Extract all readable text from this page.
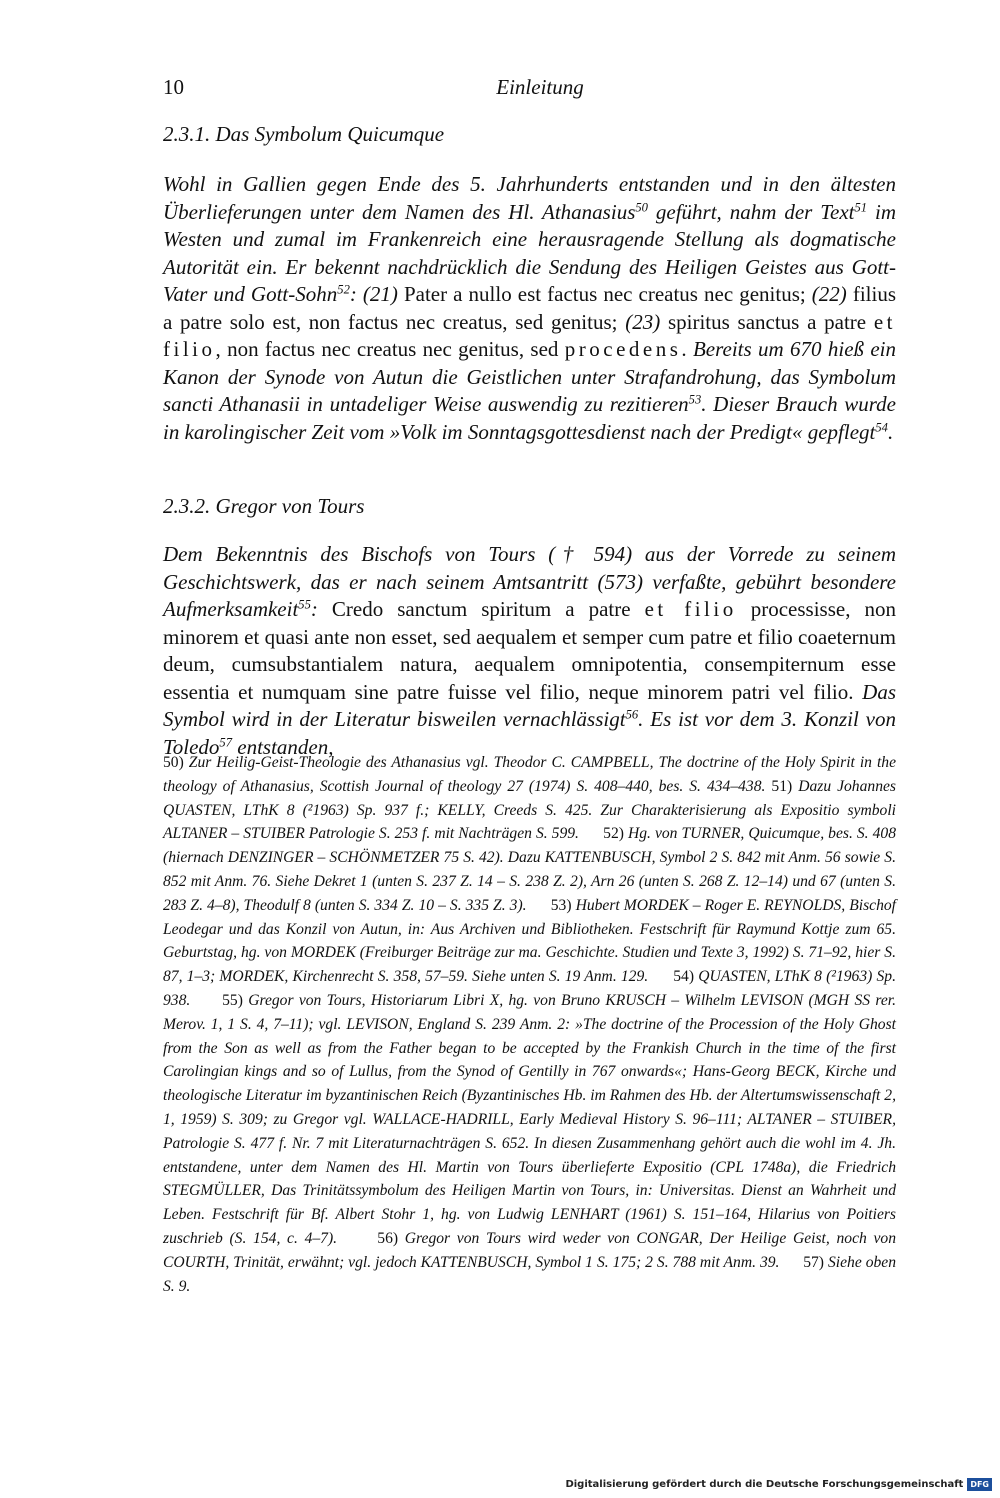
10	Einleitung
2.3.1. Das Symbolum Quicumque
Wohl in Gallien gegen Ende des 5. Jahrhunderts entstanden und in den ältesten Überlieferungen unter dem Namen des Hl. Athanasius$^{50}$ geführt, nahm der Text$^{51}$ im Westen und zumal im Frankenreich eine herausragende Stellung als dogmatische Autorität ein. Er bekennt nachdrücklich die Sendung des Heiligen Geistes aus Gott-Vater und Gott-Sohn$^{52}$: (21) Pater a nullo est factus nec creatus nec genitus; (22) filius a patre solo est, non factus nec creatus, sed genitus; (23) spiritus sanctus a patre et filio, non factus nec creatus nec genitus, sed procedens. Bereits um 670 hieß ein Kanon der Synode von Autun die Geistlichen unter Strafandrohung, das Symbolum sancti Athanasii in untadeliger Weise auswendig zu rezitieren$^{53}$. Dieser Brauch wurde in karolingischer Zeit vom »Volk im Sonntagsgottesdienst nach der Predigt« gepflegt$^{54}$.
2.3.2. Gregor von Tours
Dem Bekenntnis des Bischofs von Tours († 594) aus der Vorrede zu seinem Geschichtswerk, das er nach seinem Amtsantritt (573) verfaßte, gebührt besondere Aufmerksamkeit$^{55}$: Credo sanctum spiritum a patre et filio processisse, non minorem et quasi ante non esset, sed aequalem et semper cum patre et filio coaeternum deum, cumsubstantialem natura, aequalem omnipotentia, consempiternum esse essentia et numquam sine patre fuisse vel filio, neque minorem patri vel filio. Das Symbol wird in der Literatur bisweilen vernachlässigt$^{56}$. Es ist vor dem 3. Konzil von Toledo$^{57}$ entstanden,

50) Zur Heilig-Geist-Theologie des Athanasius vgl. Theodor C. CAMPBELL, The doctrine of the Holy Spirit in the theology of Athanasius, Scottish Journal of theology 27 (1974) S. 408–440, bes. S. 434–438. 51) Dazu Johannes QUASTEN, LThK 8 (²1963) Sp. 937 f.; KELLY, Creeds S. 425. Zur Charakterisierung als Expositio symboli ALTANER – STUIBER Patrologie S. 253 f. mit Nachträgen S. 599. 52) Hg. von TURNER, Quicumque, bes. S. 408 (hiernach DENZINGER – SCHÖNMETZER 75 S. 42). Dazu KATTENBUSCH, Symbol 2 S. 842 mit Anm. 56 sowie S. 852 mit Anm. 76. Siehe Dekret 1 (unten S. 237 Z. 14 – S. 238 Z. 2), Arn 26 (unten S. 268 Z. 12–14) und 67 (unten S. 283 Z. 4–8), Theodulf 8 (unten S. 334 Z. 10 – S. 335 Z. 3). 53) Hubert MORDEK – Roger E. REYNOLDS, Bischof Leodegar und das Konzil von Autun, in: Aus Archiven und Bibliotheken. Festschrift für Raymund Kottje zum 65. Geburtstag, hg. von MORDEK (Freiburger Beiträge zur ma. Geschichte. Studien und Texte 3, 1992) S. 71–92, hier S. 87, 1–3; MORDEK, Kirchenrecht S. 358, 57–59. Siehe unten S. 19 Anm. 129. 54) QUASTEN, LThK 8 (²1963) Sp. 938. 55) Gregor von Tours, Historiarum Libri X, hg. von Bruno KRUSCH – Wilhelm LEVISON (MGH SS rer. Merov. 1, 1 S. 4, 7–11); vgl. LEVISON, England S. 239 Anm. 2: »The doctrine of the Procession of the Holy Ghost from the Son as well as from the Father began to be accepted by the Frankish Church in the time of the first Carolingian kings and so of Lullus, from the Synod of Gentilly in 767 onwards«; Hans-Georg BECK, Kirche und theologische Literatur im byzantinischen Reich (Byzantinisches Hb. im Rahmen des Hb. der Altertumswissenschaft 2, 1, 1959) S. 309; zu Gregor vgl. WALLACE-HADRILL, Early Medieval History S. 96–111; ALTANER – STUIBER, Patrologie S. 477 f. Nr. 7 mit Literaturnachträgen S. 652. In diesen Zusammenhang gehört auch die wohl im 4. Jh. entstandene, unter dem Namen des Hl. Martin von Tours überlieferte Expositio (CPL 1748a), die Friedrich STEGMÜLLER, Das Trinitätssymbolum des Heiligen Martin von Tours, in: Universitas. Dienst an Wahrheit und Leben. Festschrift für Bf. Albert Stohr 1, hg. von Ludwig LENHART (1961) S. 151–164, Hilarius von Poitiers zuschrieb (S. 154, c. 4–7).	56) Gregor von Tours wird weder von CONGAR, Der Heilige Geist, noch von COURTH, Trinität, erwähnt; vgl. jedoch KATTENBUSCH, Symbol 1 S. 175; 2 S. 788 mit Anm. 39. 57) Siehe oben S. 9.

Digitalisierung gefördert durch die Deutsche Forschungsgemeinschaft DFG
